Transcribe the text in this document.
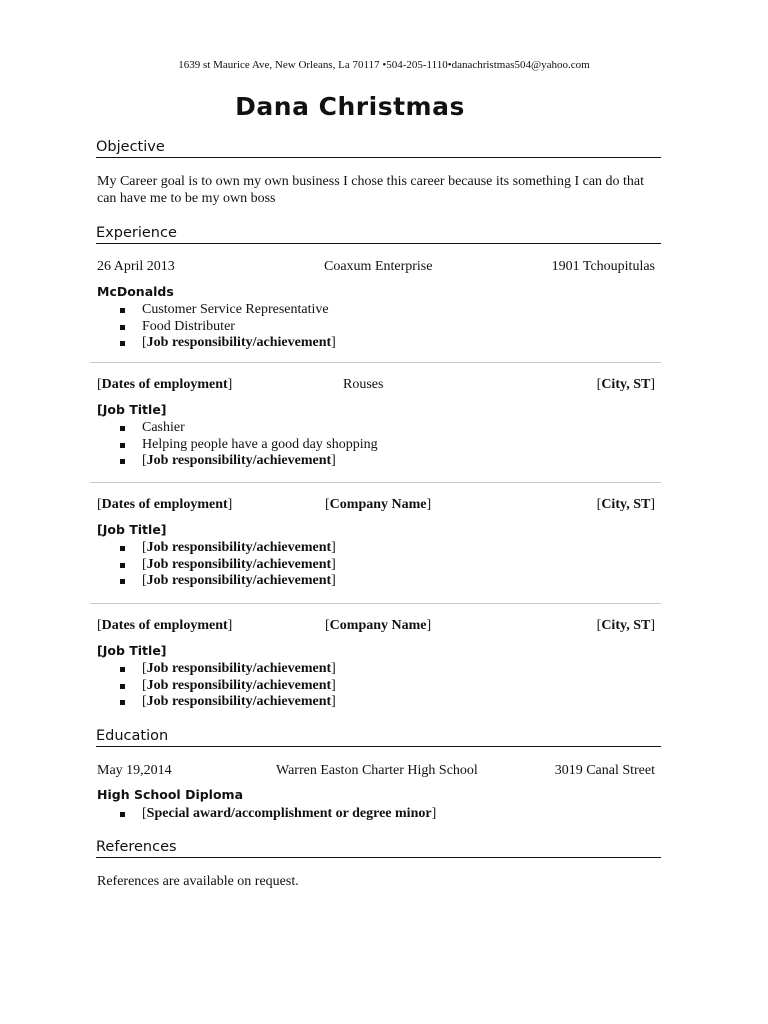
1639 st Maurice Ave, New Orleans, La 70117 •504-205-1110•danachristmas504@yahoo.com
Dana Christmas
Objective
My Career goal is to own my own business I chose this career because its something I can do that
can have me to be my own boss
Experience
26 April 2013	Coaxum Enterprise	1901 Tchoupitulas
McDonalds
Customer Service Representative
Food Distributer
[Job responsibility/achievement]
[Dates of employment]	Rouses	[City, ST]
[Job Title]
Cashier
Helping people have a good day shopping
[Job responsibility/achievement]
[Dates of employment]	[Company Name]	[City, ST]
[Job Title]
[Job responsibility/achievement]
[Job responsibility/achievement]
[Job responsibility/achievement]
[Dates of employment]	[Company Name]	[City, ST]
[Job Title]
[Job responsibility/achievement]
[Job responsibility/achievement]
[Job responsibility/achievement]
Education
May 19,2014	Warren Easton Charter High School	3019 Canal Street
High School Diploma
[Special award/accomplishment or degree minor]
References
References are available on request.
